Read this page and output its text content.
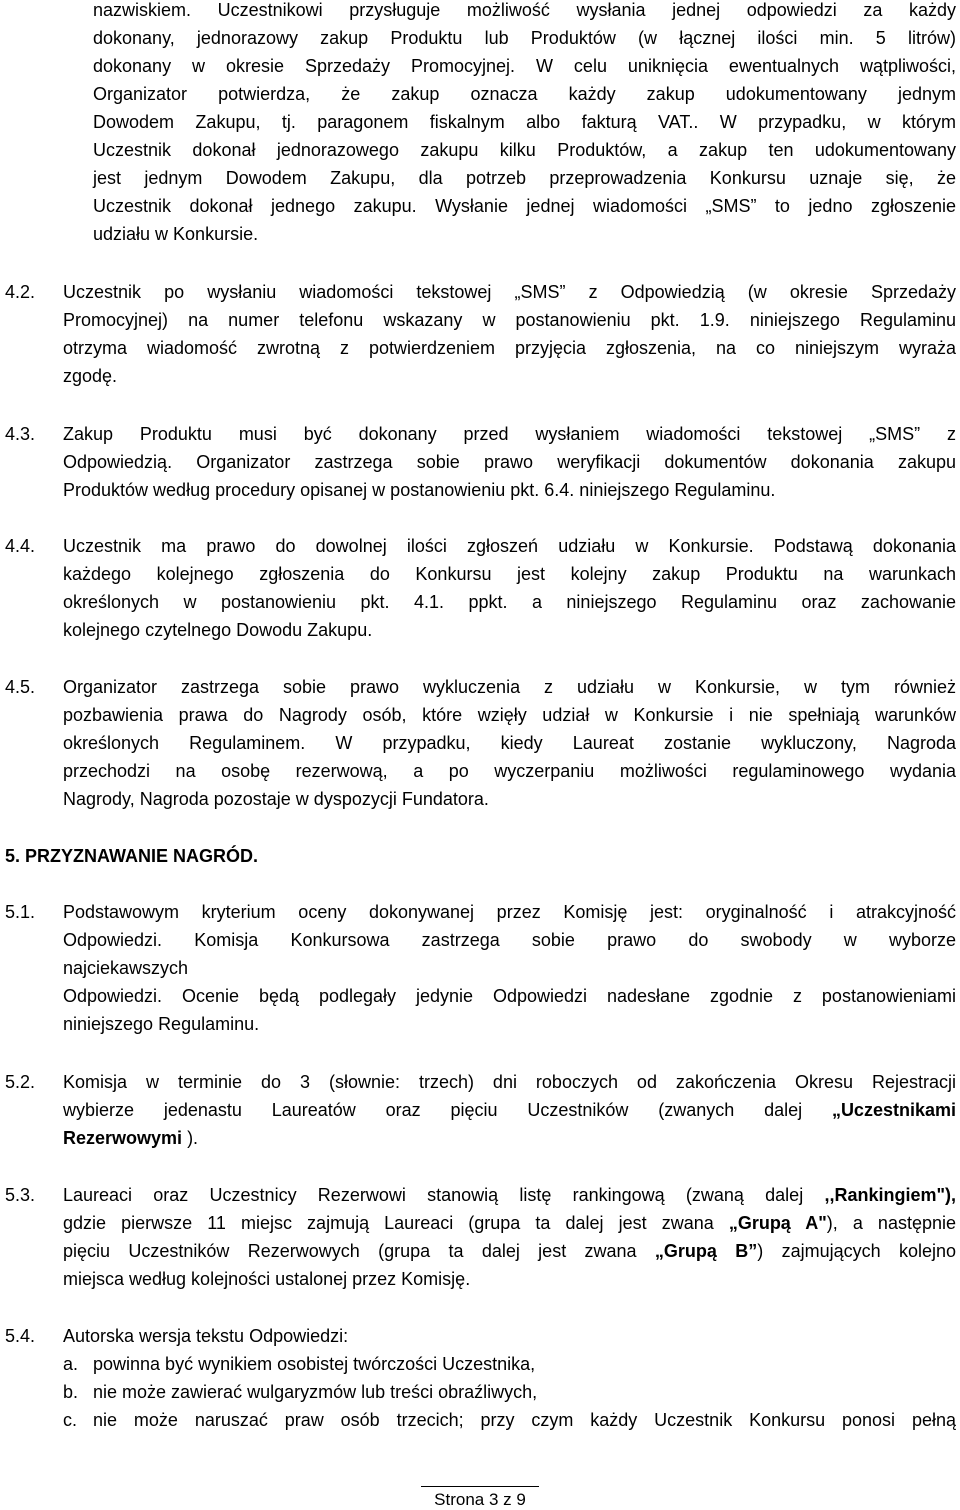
nazwiskiem. Uczestnikowi przysługuje możliwość wysłania jednej odpowiedzi za każdy
dokonany, jednorazowy zakup Produktu lub Produktów (w łącznej ilości min. 5 litrów)
dokonany w okresie Sprzedaży Promocyjnej. W celu uniknięcia ewentualnych wątpliwości,
Organizator potwierdza, że zakup oznacza każdy zakup udokumentowany jednym
Dowodem Zakupu, tj. paragonem fiskalnym albo fakturą VAT.. W przypadku, w którym
Uczestnik dokonał jednorazowego zakupu kilku Produktów, a zakup ten udokumentowany
jest jednym Dowodem Zakupu, dla potrzeb przeprowadzenia Konkursu uznaje się, że
Uczestnik dokonał jednego zakupu. Wysłanie jednej wiadomości „SMS” to jedno zgłoszenie
udziału w Konkursie.
4.2. Uczestnik po wysłaniu wiadomości tekstowej „SMS” z Odpowiedzią (w okresie Sprzedaży
Promocyjnej) na numer telefonu wskazany w postanowieniu pkt. 1.9. niniejszego Regulaminu
otrzyma wiadomość zwrotną z potwierdzeniem przyjęcia zgłoszenia, na co niniejszym wyraża
zgodę.
4.3. Zakup Produktu musi być dokonany przed wysłaniem wiadomości tekstowej „SMS” z
Odpowiedzią. Organizator zastrzega sobie prawo weryfikacji dokumentów dokonania zakupu
Produktów według procedury opisanej w postanowieniu pkt. 6.4. niniejszego Regulaminu.
4.4. Uczestnik ma prawo do dowolnej ilości zgłoszeń udziału w Konkursie. Podstawą dokonania
każdego kolejnego zgłoszenia do Konkursu jest kolejny zakup Produktu na warunkach
określonych w postanowieniu pkt. 4.1. ppkt. a niniejszego Regulaminu oraz zachowanie
kolejnego czytelnego Dowodu Zakupu.
4.5. Organizator zastrzega sobie prawo wykluczenia z udziału w Konkursie, w tym również
pozbawienia prawa do Nagrody osób, które wzięły udział w Konkursie i nie spełniają warunków
określonych Regulaminem. W przypadku, kiedy Laureat zostanie wykluczony, Nagroda
przechodzi na osobę rezerwową, a po wyczerpaniu możliwości regulaminowego wydania
Nagrody, Nagroda pozostaje w dyspozycji Fundatora.
5. PRZYZNAWANIE NAGRÓD.
5.1. Podstawowym kryterium oceny dokonywanej przez Komisję jest: oryginalność i atrakcyjność
Odpowiedzi. Komisja Konkursowa zastrzega sobie prawo do swobody w wyborze
najciekawszych
Odpowiedzi. Ocenie będą podlegały jedynie Odpowiedzi nadesłane zgodnie z postanowieniami
niniejszego Regulaminu.
5.2. Komisja w terminie do 3 (słownie: trzech) dni roboczych od zakończenia Okresu Rejestracji
wybierze jedenastu Laureatów oraz pięciu Uczestników (zwanych dalej „Uczestnikami
Rezerwowymi ).
5.3. Laureaci oraz Uczestnicy Rezerwowi stanowią listę rankingową (zwaną dalej ,,Rankingiem"),
gdzie pierwsze 11 miejsc zajmują Laureaci (grupa ta dalej jest zwana „Grupą A"), a następnie
pięciu Uczestników Rezerwowych (grupa ta dalej jest zwana „Grupą B”) zajmujących kolejno
miejsca według kolejności ustalonej przez Komisję.
5.4. Autorska wersja tekstu Odpowiedzi:
a. powinna być wynikiem osobistej twórczości Uczestnika,
b. nie może zawierać wulgaryzmów lub treści obraźliwych,
c. nie może naruszać praw osób trzecich; przy czym każdy Uczestnik Konkursu ponosi pełną
Strona 3 z 9
